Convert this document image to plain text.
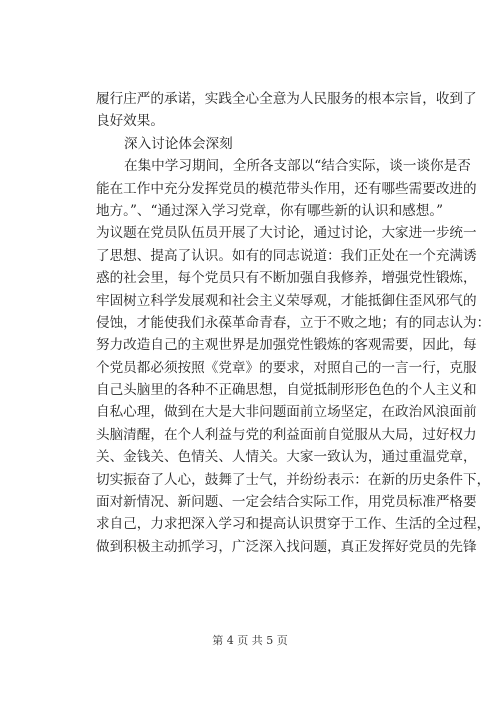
履行庄严的承诺，实践全心全意为人民服务的根本宗旨，收到了
良好效果。
深入讨论体会深刻
在集中学习期间，全所各支部以“结合实际，谈一谈你是否
能在工作中充分发挥党员的模范带头作用，还有哪些需要改进的
地方。”、“通过深入学习党章，你有哪些新的认识和感想。”
为议题在党员队伍员开展了大讨论，通过讨论，大家进一步统一
了思想、提高了认识。如有的同志说道：我们正处在一个充满诱
惑的社会里，每个党员只有不断加强自我修养，增强党性锻炼，
牢固树立科学发展观和社会主义荣辱观，才能抵御住歪风邪气的
侵蚀，才能使我们永葆革命青春，立于不败之地；有的同志认为：
努力改造自己的主观世界是加强党性锻炼的客观需要，因此，每
个党员都必须按照《党章》的要求，对照自己的一言一行，克服
自己头脑里的各种不正确思想，自觉抵制形形色色的个人主义和
自私心理，做到在大是大非问题面前立场坚定，在政治风浪面前
头脑清醒，在个人利益与党的利益面前自觉服从大局，过好权力
关、金钱关、色情关、人情关。大家一致认为，通过重温党章，
切实振奋了人心，鼓舞了士气，并纷纷表示：在新的历史条件下，
面对新情况、新问题、一定会结合实际工作，用党员标准严格要
求自己，力求把深入学习和提高认识贯穿于工作、生活的全过程，
做到积极主动抓学习，广泛深入找问题，真正发挥好党员的先锋
第 4 页 共 5 页
